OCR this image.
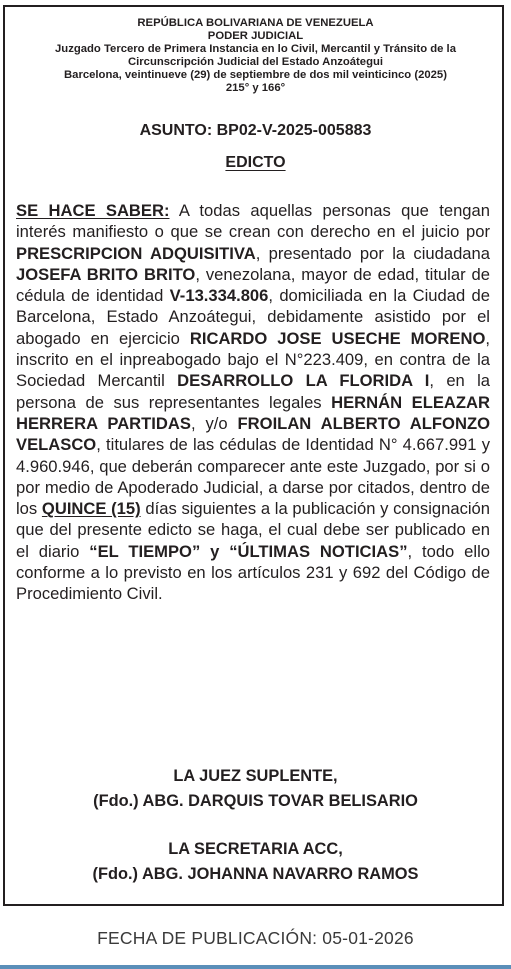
REPÚBLICA BOLIVARIANA DE VENEZUELA
PODER JUDICIAL
Juzgado Tercero de Primera Instancia en lo Civil, Mercantil y Tránsito de la
Circunscripción Judicial del Estado Anzoátegui
Barcelona, veintinueve (29) de septiembre de dos mil veinticinco (2025)
215° y 166°
ASUNTO: BP02-V-2025-005883
EDICTO
SE HACE SABER: A todas aquellas personas que tengan interés manifiesto o que se crean con derecho en el juicio por PRESCRIPCION ADQUISITIVA, presentado por la ciudadana JOSEFA BRITO BRITO, venezolana, mayor de edad, titular de cédula de identidad V-13.334.806, domiciliada en la Ciudad de Barcelona, Estado Anzoátegui, debidamente asistido por el abogado en ejercicio RICARDO JOSE USECHE MORENO, inscrito en el inpreabogado bajo el N°223.409, en contra de la Sociedad Mercantil DESARROLLO LA FLORIDA I, en la persona de sus representantes legales HERNÁN ELEAZAR HERRERA PARTIDAS, y/o FROILAN ALBERTO ALFONZO VELASCO, titulares de las cédulas de Identidad N° 4.667.991 y 4.960.946, que deberán comparecer ante este Juzgado, por si o por medio de Apoderado Judicial, a darse por citados, dentro de los QUINCE (15) días siguientes a la publicación y consignación que del presente edicto se haga, el cual debe ser publicado en el diario “EL TIEMPO” y “ÚLTIMAS NOTICIAS”, todo ello conforme a lo previsto en los artículos 231 y 692 del Código de Procedimiento Civil.
LA JUEZ SUPLENTE,
(Fdo.) ABG. DARQUIS TOVAR BELISARIO
LA SECRETARIA ACC,
(Fdo.) ABG. JOHANNA NAVARRO RAMOS
FECHA DE PUBLICACIÓN: 05-01-2026
